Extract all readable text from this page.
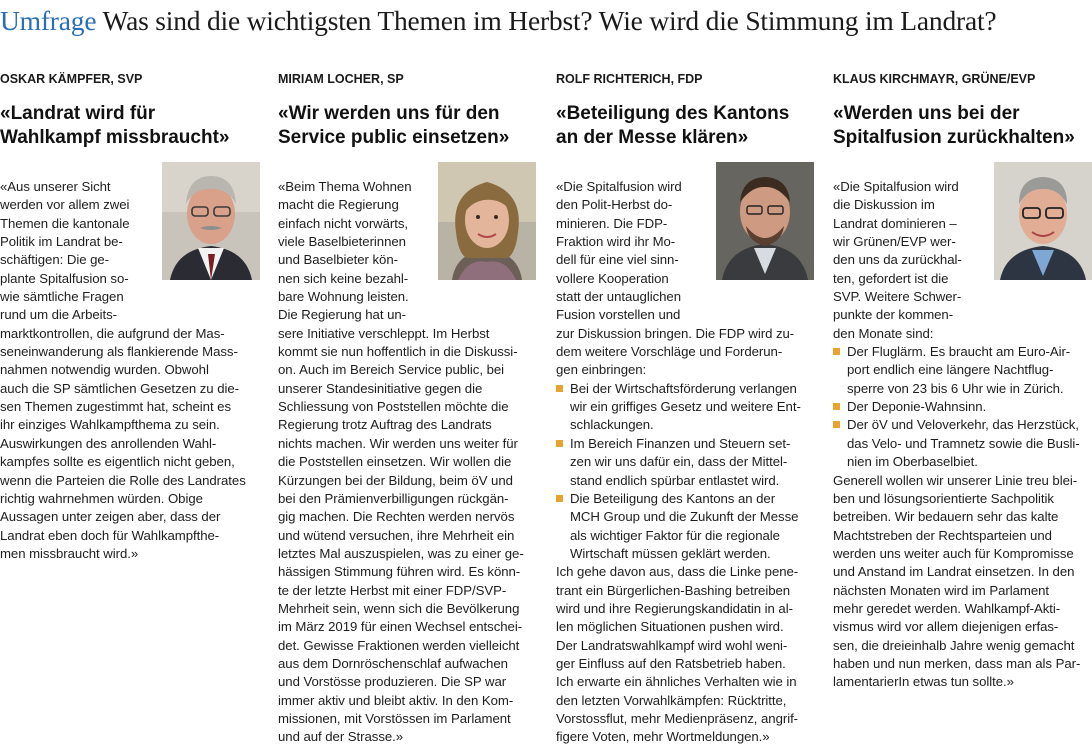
Umfrage Was sind die wichtigsten Themen im Herbst? Wie wird die Stimmung im Landrat?
OSKAR KÄMPFER, SVP
«Landrat wird für
Wahlkampf missbraucht»
«Aus unserer Sicht
werden vor allem zwei
Themen die kantonale
Politik im Landrat be-
schäftigen: Die ge-
plante Spitalfusion so-
wie sämtliche Fragen
rund um die Arbeits-
marktkontrollen, die aufgrund der Mas-
seneinwanderung als flankierende Mass-
nahmen notwendig wurden. Obwohl
auch die SP sämtlichen Gesetzen zu die-
sen Themen zugestimmt hat, scheint es
ihr einziges Wahlkampfthema zu sein.
Auswirkungen des anrollenden Wahl-
kampfes sollte es eigentlich nicht geben,
wenn die Parteien die Rolle des Landrates
richtig wahrnehmen würden. Obige
Aussagen unter zeigen aber, dass der
Landrat eben doch für Wahlkampfthe-
men missbraucht wird.»
MIRIAM LOCHER, SP
«Wir werden uns für den
Service public einsetzen»
«Beim Thema Wohnen
macht die Regierung
einfach nicht vorwärts,
viele Baselbieterinnen
und Baselbieter kön-
nen sich keine bezahl-
bare Wohnung leisten.
Die Regierung hat un-
sere Initiative verschleppt. Im Herbst
kommt sie nun hoffentlich in die Diskussi-
on. Auch im Bereich Service public, bei
unserer Standesinitiative gegen die
Schliessung von Poststellen möchte die
Regierung trotz Auftrag des Landrats
nichts machen. Wir werden uns weiter für
die Poststellen einsetzen. Wir wollen die
Kürzungen bei der Bildung, beim öV und
bei den Prämienverbilligungen rückgän-
gig machen. Die Rechten werden nervös
und wütend versuchen, ihre Mehrheit ein
letztes Mal auszuspielen, was zu einer ge-
hässigen Stimmung führen wird. Es könn-
te der letzte Herbst mit einer FDP/SVP-
Mehrheit sein, wenn sich die Bevölkerung
im März 2019 für einen Wechsel entschei-
det. Gewisse Fraktionen werden vielleicht
aus dem Dornröschenschlaf aufwachen
und Vorstösse produzieren. Die SP war
immer aktiv und bleibt aktiv. In den Kom-
missionen, mit Vorstössen im Parlament
und auf der Strasse.»
ROLF RICHTERICH, FDP
«Beteiligung des Kantons
an der Messe klären»
«Die Spitalfusion wird
den Polit-Herbst do-
minieren. Die FDP-
Fraktion wird ihr Mo-
dell für eine viel sinn-
vollere Kooperation
statt der untauglichen
Fusion vorstellen und
zur Diskussion bringen. Die FDP wird zu-
dem weitere Vorschläge und Forderun-
gen einbringen:
Bei der Wirtschaftsförderung verlangen
wir ein griffiges Gesetz und weitere Ent-
schlackungen.
Im Bereich Finanzen und Steuern set-
zen wir uns dafür ein, dass der Mittel-
stand endlich spürbar entlastet wird.
Die Beteiligung des Kantons an der
MCH Group und die Zukunft der Messe
als wichtiger Faktor für die regionale
Wirtschaft müssen geklärt werden.
Ich gehe davon aus, dass die Linke pene-
trant ein Bürgerlichen-Bashing betreiben
wird und ihre Regierungskandidatin in al-
len möglichen Situationen pushen wird.
Der Landratswahlkampf wird wohl weni-
ger Einfluss auf den Ratsbetrieb haben.
Ich erwarte ein ähnliches Verhalten wie in
den letzten Vorwahlkämpfen: Rücktritte,
Vorstossflut, mehr Medienpräsenz, angrif-
figere Voten, mehr Wortmeldungen.»
KLAUS KIRCHMAYR, GRÜNE/EVP
«Werden uns bei der
Spitalfusion zurückhalten»
«Die Spitalfusion wird
die Diskussion im
Landrat dominieren –
wir Grünen/EVP wer-
den uns da zurückhal-
ten, gefordert ist die
SVP. Weitere Schwer-
punkte der kommen-
den Monate sind:
Der Fluglärm. Es braucht am Euro-Air-
port endlich eine längere Nachtflug-
sperre von 23 bis 6 Uhr wie in Zürich.
Der Deponie-Wahnsinn.
Der öV und Veloverkehr, das Herzstück,
das Velo- und Tramnetz sowie die Busli-
nien im Oberbaselbiet.
Generell wollen wir unserer Linie treu blei-
ben und lösungsorientierte Sachpolitik
betreiben. Wir bedauern sehr das kalte
Machtstreben der Rechtsparteien und
werden uns weiter auch für Kompromisse
und Anstand im Landrat einsetzen. In den
nächsten Monaten wird im Parlament
mehr geredet werden. Wahlkampf-Akti-
vismus wird vor allem diejenigen erfas-
sen, die dreieinhalb Jahre wenig gemacht
haben und nun merken, dass man als Par-
lamentarierIn etwas tun sollte.»
